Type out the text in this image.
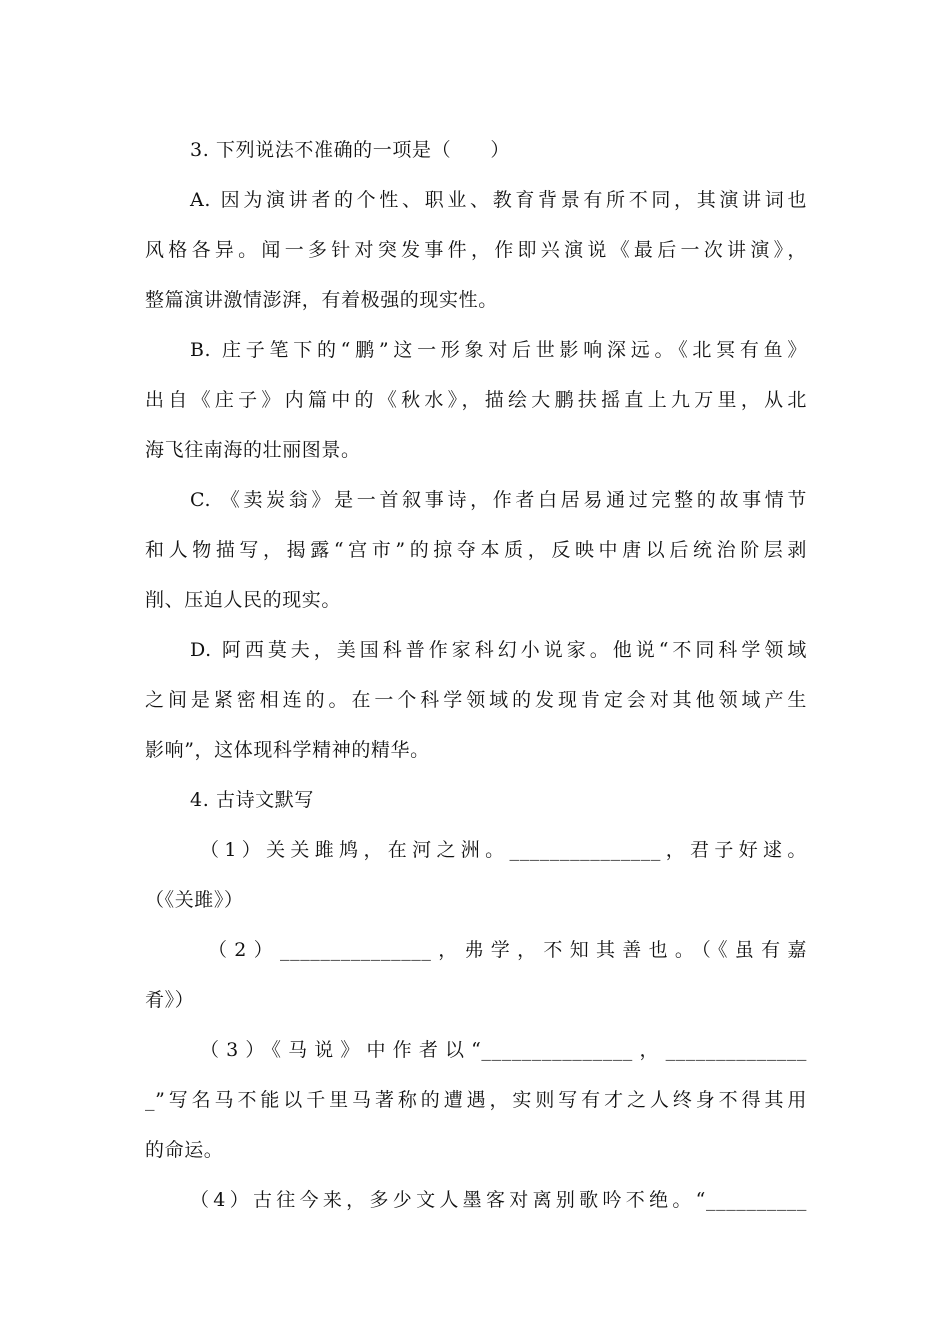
3. 下列说法不准确的一项是（　　）
A. 因为演讲者的个性、职业、教育背景有所不同，其演讲词也
风格各异。闻一多针对突发事件，作即兴演说《最后一次讲演》，
整篇演讲激情澎湃，有着极强的现实性。
B. 庄子笔下的“鹏”这一形象对后世影响深远。《北冥有鱼》
出自《庄子》内篇中的《秋水》，描绘大鹏扶摇直上九万里，从北
海飞往南海的壮丽图景。
C. 《卖炭翁》是一首叙事诗，作者白居易通过完整的故事情节
和人物描写，揭露“宫市”的掠夺本质，反映中唐以后统治阶层剥
削、压迫人民的现实。
D. 阿西莫夫，美国科普作家科幻小说家。他说“不同科学领域
之间是紧密相连的。在一个科学领域的发现肯定会对其他领域产生
影响”，这体现科学精神的精华。
4. 古诗文默写
（1）关关雎鸠，在河之洲。_______________，君子好逑。
（《关雎》）
（2）_______________，弗学，不知其善也。（《虽有嘉
肴》）
（3）《马说》中作者以“_______________，______________
_”写名马不能以千里马著称的遭遇，实则写有才之人终身不得其用
的命运。
（4）古往今来，多少文人墨客对离别歌吟不绝。“__________
